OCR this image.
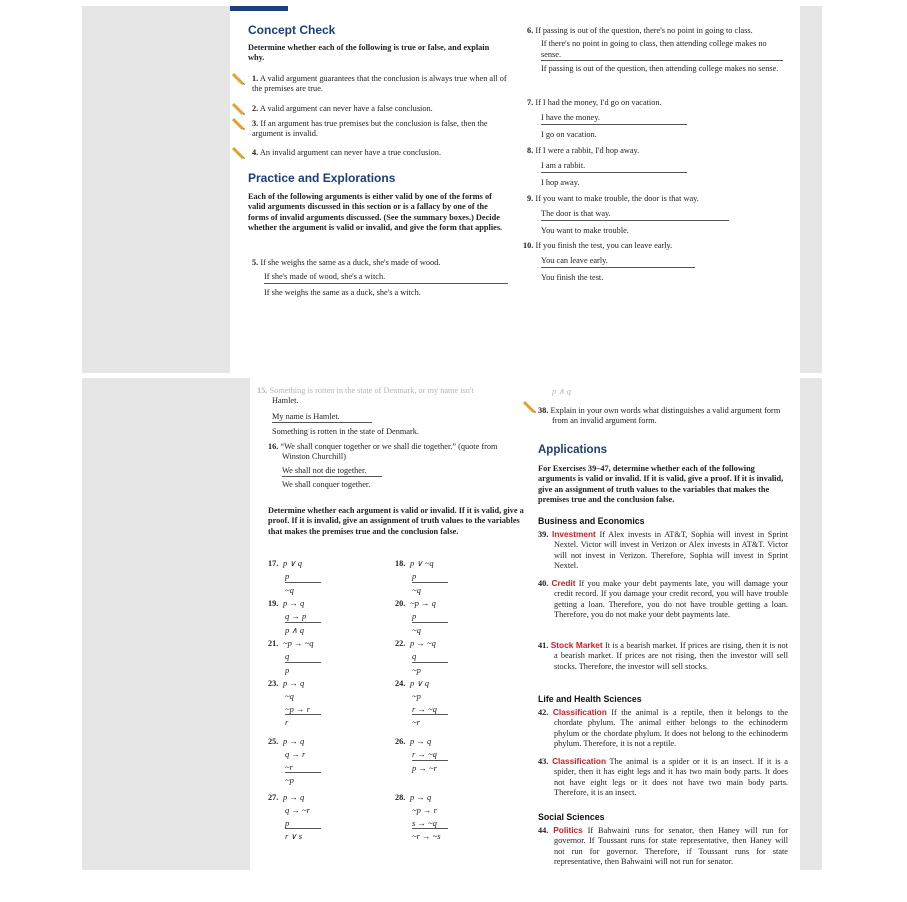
Concept Check
Determine whether each of the following is true or false, and explain why.
1. A valid argument guarantees that the conclusion is always true when all of the premises are true.
2. A valid argument can never have a false conclusion.
3. If an argument has true premises but the conclusion is false, then the argument is invalid.
4. An invalid argument can never have a true conclusion.
Practice and Explorations
Each of the following arguments is either valid by one of the forms of valid arguments discussed in this section or is a fallacy by one of the forms of invalid arguments discussed. (See the summary boxes.) Decide whether the argument is valid or invalid, and give the form that applies.
5. If she weighs the same as a duck, she's made of wood.
If she's made of wood, she's a witch.
If she weighs the same as a duck, she's a witch.
6. If passing is out of the question, there's no point in going to class.
If there's no point in going to class, then attending college makes no sense.
If passing is out of the question, then attending college makes no sense.
7. If I had the money, I'd go on vacation.
I have the money.
I go on vacation.
8. If I were a rabbit, I'd hop away.
I am a rabbit.
I hop away.
9. If you want to make trouble, the door is that way.
The door is that way.
You want to make trouble.
10. If you finish the test, you can leave early.
You can leave early.
You finish the test.
15. Something is rotten in the state of Denmark, or my name isn't
Hamlet.
My name is Hamlet.
Something is rotten in the state of Denmark.
16. “We shall conquer together or we shall die together.” (quote from Winston Churchill)
We shall not die together.
We shall conquer together.
Determine whether each argument is valid or invalid. If it is valid, give a proof. If it is invalid, give an assignment of truth values to the variables that makes the premises true and the conclusion false.
17. p ∨ q
p
~q
18. p ∨ ~q
p
~q
19. p → q
q → p
p ∧ q
20. ~p → q
p
~q
21. ~p → ~q
q
p
22. p → ~q
q
~p
23. p → q
~q
~p → r
r
24. p ∨ q
~p
r → ~q
~r
25. p → q
q → r
~r
~p
26. p → q
r → ~q
p → ~r
27. p → q
q → ~r
p
r ∨ s
28. p → q
~p → r
s → ~q
~r → ~s
p ∧ q
38. Explain in your own words what distinguishes a valid argument form from an invalid argument form.
Applications
For Exercises 39–47, determine whether each of the following arguments is valid or invalid. If it is valid, give a proof. If it is invalid, give an assignment of truth values to the variables that makes the premises true and the conclusion false.
Business and Economics
39. Investment If Alex invests in AT&T, Sophia will invest in Sprint Nextel. Victor will invest in Verizon or Alex invests in AT&T. Victor will not invest in Verizon. Therefore, Sophia will invest in Sprint Nextel.
40. Credit If you make your debt payments late, you will damage your credit record. If you damage your credit record, you will have trouble getting a loan. Therefore, you do not have trouble getting a loan. Therefore, you do not make your debt payments late.
41. Stock Market It is a bearish market. If prices are rising, then it is not a bearish market. If prices are not rising, then the investor will sell stocks. Therefore, the investor will sell stocks.
Life and Health Sciences
42. Classification If the animal is a reptile, then it belongs to the chordate phylum. The animal either belongs to the echinoderm phylum or the chordate phylum. It does not belong to the echinoderm phylum. Therefore, it is not a reptile.
43. Classification The animal is a spider or it is an insect. If it is a spider, then it has eight legs and it has two main body parts. It does not have eight legs or it does not have two main body parts. Therefore, it is an insect.
Social Sciences
44. Politics If Bahwaini runs for senator, then Haney will run for governor. If Toussant runs for state representative, then Haney will not run for governor. Therefore, if Toussant runs for state representative, then Bahwaini will not run for senator.
